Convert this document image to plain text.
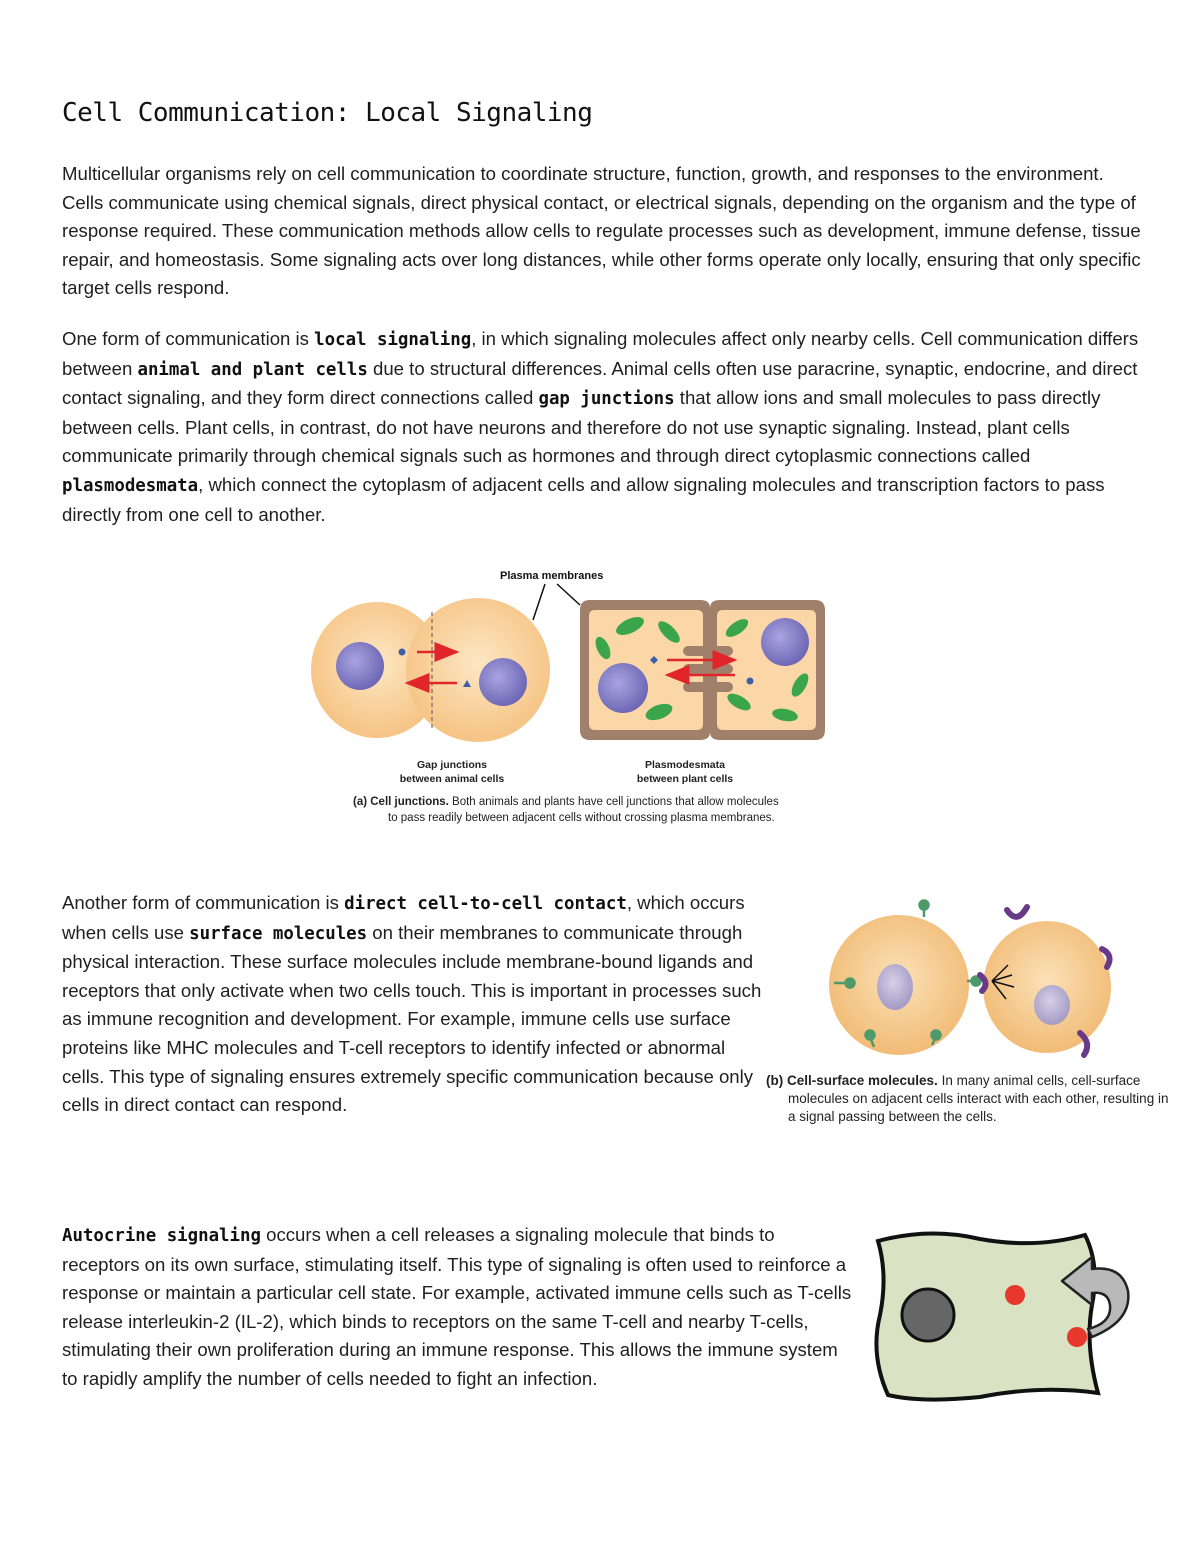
Cell Communication: Local Signaling

Multicellular organisms rely on cell communication to coordinate structure, function, growth, and responses to the environment. Cells communicate using chemical signals, direct physical contact, or electrical signals, depending on the organism and the type of response required. These communication methods allow cells to regulate processes such as development, immune defense, tissue repair, and homeostasis. Some signaling acts over long distances, while other forms operate only locally, ensuring that only specific target cells respond.

One form of communication is local signaling, in which signaling molecules affect only nearby cells. Cell communication differs between animal and plant cells due to structural differences. Animal cells often use paracrine, synaptic, endocrine, and direct contact signaling, and they form direct connections called gap junctions that allow ions and small molecules to pass directly between cells. Plant cells, in contrast, do not have neurons and therefore do not use synaptic signaling. Instead, plant cells communicate primarily through chemical signals such as hormones and through direct cytoplasmic connections called plasmodesmata, which connect the cytoplasm of adjacent cells and allow signaling molecules and transcription factors to pass directly from one cell to another.

Plasma membranes
Gap junctions
between animal cells
Plasmodesmata
between plant cells
(a) Cell junctions. Both animals and plants have cell junctions that allow molecules
to pass readily between adjacent cells without crossing plasma membranes.

Another form of communication is direct cell-to-cell contact, which occurs when cells use surface molecules on their membranes to communicate through physical interaction. These surface molecules include membrane-bound ligands and receptors that only activate when two cells touch. This is important in processes such as immune recognition and development. For example, immune cells use surface proteins like MHC molecules and T-cell receptors to identify infected or abnormal cells. This type of signaling ensures extremely specific communication because only cells in direct contact can respond.

(b) Cell-surface molecules. In many animal cells, cell-surface
molecules on adjacent cells interact with each other, resulting in
a signal passing between the cells.

Autocrine signaling occurs when a cell releases a signaling molecule that binds to receptors on its own surface, stimulating itself. This type of signaling is often used to reinforce a response or maintain a particular cell state. For example, activated immune cells such as T-cells release interleukin-2 (IL-2), which binds to receptors on the same T-cell and nearby T-cells, stimulating their own proliferation during an immune response. This allows the immune system to rapidly amplify the number of cells needed to fight an infection.
